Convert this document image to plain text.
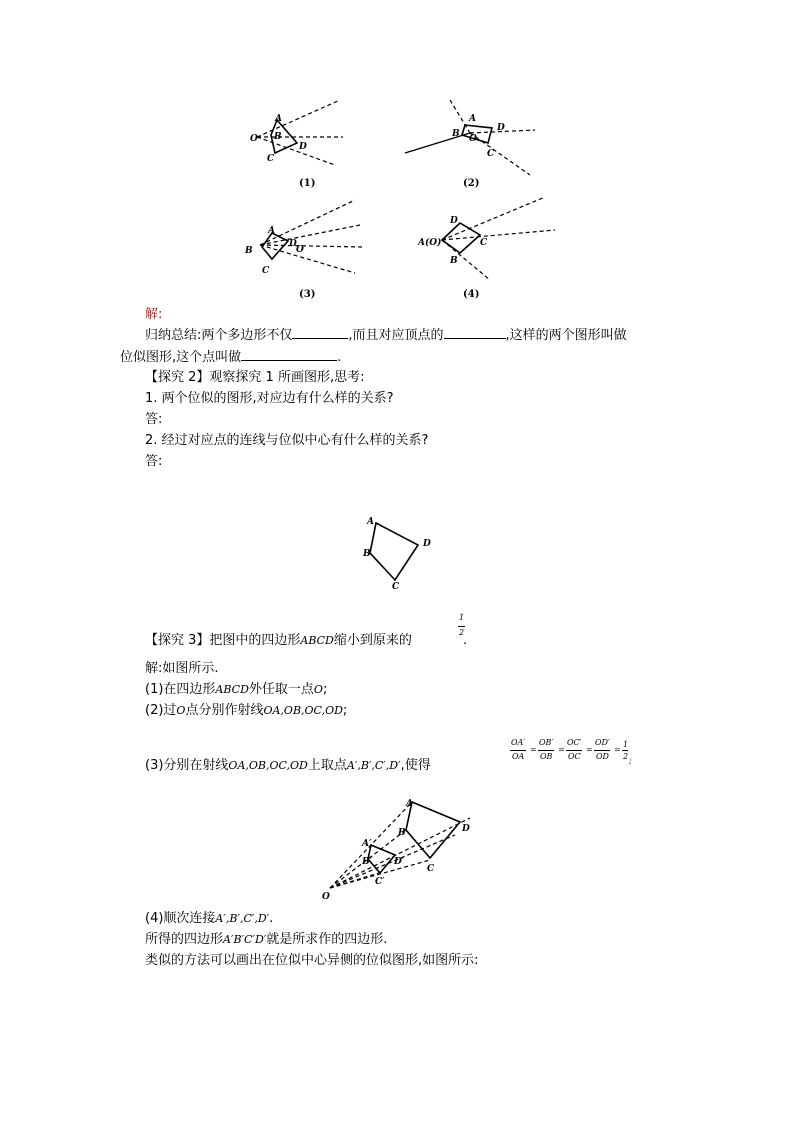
A
B
C
D
O
(1)
A
B
C
D
O
(2)
A
B
C
D
O
(3)
A(O)
B
C
D
(4)
解:
归纳总结:两个多边形不仅	,而且对应顶点的	,这样的两个图形叫做
位似图形,这个点叫做	.
【探究 2】观察探究 1 所画图形,思考:
1. 两个位似的图形,对应边有什么样的关系?
答:
2. 经过对应点的连线与位似中心有什么样的关系?
答:
A
B
C
D
【探究 3】把图中的四边形ABCD缩小到原来的
1
2
.
解:如图所示.
(1)在四边形ABCD外任取一点O;
(2)过O点分别作射线OA,OB,OC,OD;
(3)分别在射线OA,OB,OC,OD上取点A′,B′,C′,D′,使得
OA′
OA
=
OB′
OB
=
OC′
OC
=
OD′
OD
=
1
2 ;
A
B
C
D
O
A′
B′
C′
D′
(4)顺次连接A′,B′,C′,D′.
所得的四边形A′B′C′D′就是所求作的四边形.
类似的方法可以画出在位似中心异侧的位似图形,如图所示:
